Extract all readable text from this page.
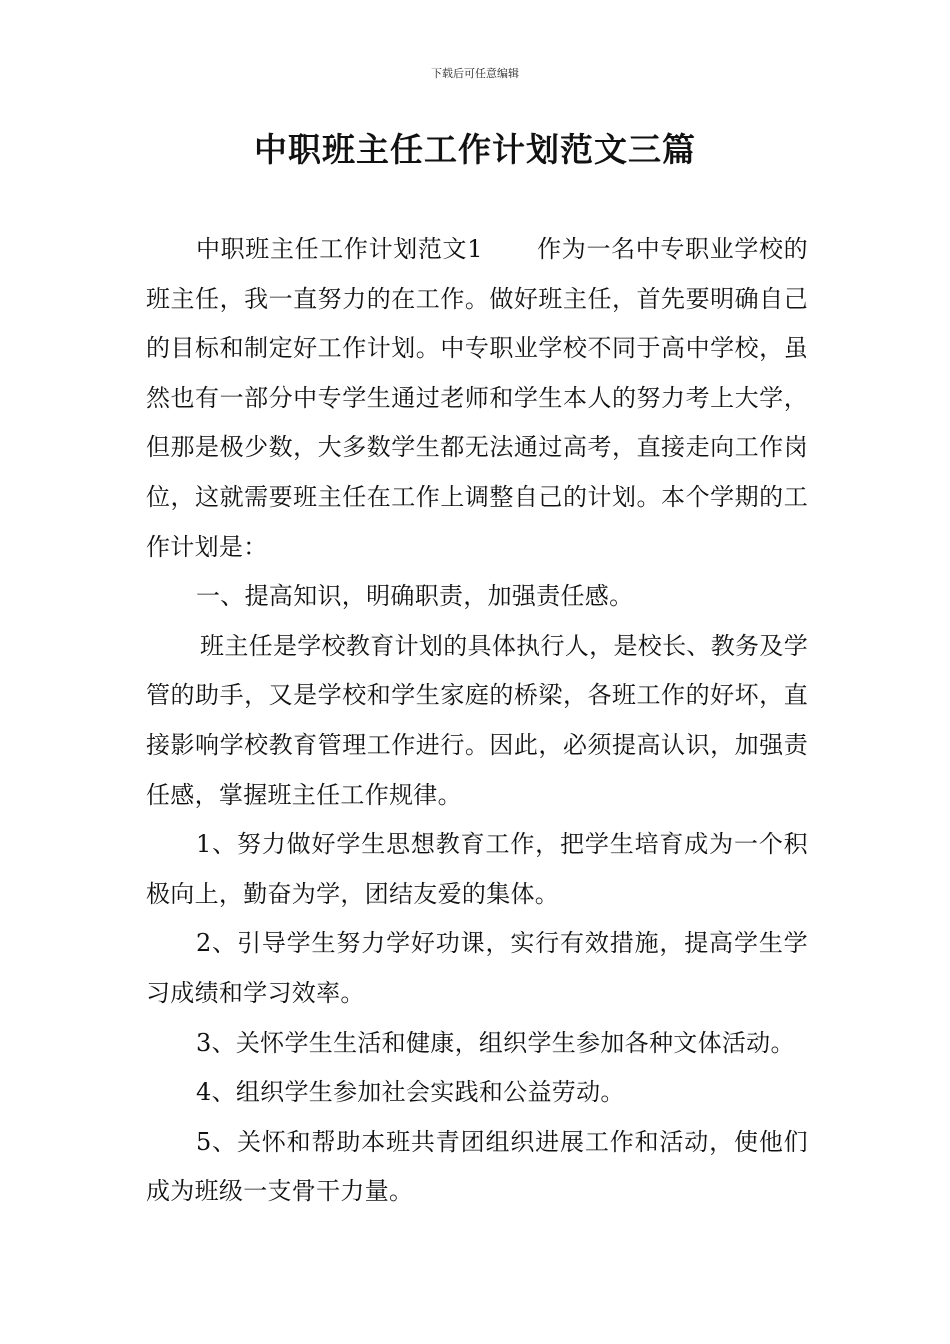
下载后可任意编辑
中职班主任工作计划范文三篇

中职班主任工作计划范文1 作为一名中专职业学校的班主任，我一直努力的在工作。做好班主任，首先要明确自己的目标和制定好工作计划。中专职业学校不同于高中学校，虽然也有一部分中专学生通过老师和学生本人的努力考上大学，但那是极少数，大多数学生都无法通过高考，直接走向工作岗位，这就需要班主任在工作上调整自己的计划。本个学期的工作计划是：

一、提高知识，明确职责，加强责任感。

班主任是学校教育计划的具体执行人，是校长、教务及学管的助手，又是学校和学生家庭的桥梁，各班工作的好坏，直接影响学校教育管理工作进行。因此，必须提高认识，加强责任感，掌握班主任工作规律。

1、努力做好学生思想教育工作，把学生培育成为一个积极向上，勤奋为学，团结友爱的集体。

2、引导学生努力学好功课，实行有效措施，提高学生学习成绩和学习效率。

3、关怀学生生活和健康，组织学生参加各种文体活动。

4、组织学生参加社会实践和公益劳动。

5、关怀和帮助本班共青团组织进展工作和活动，使他们成为班级一支骨干力量。
